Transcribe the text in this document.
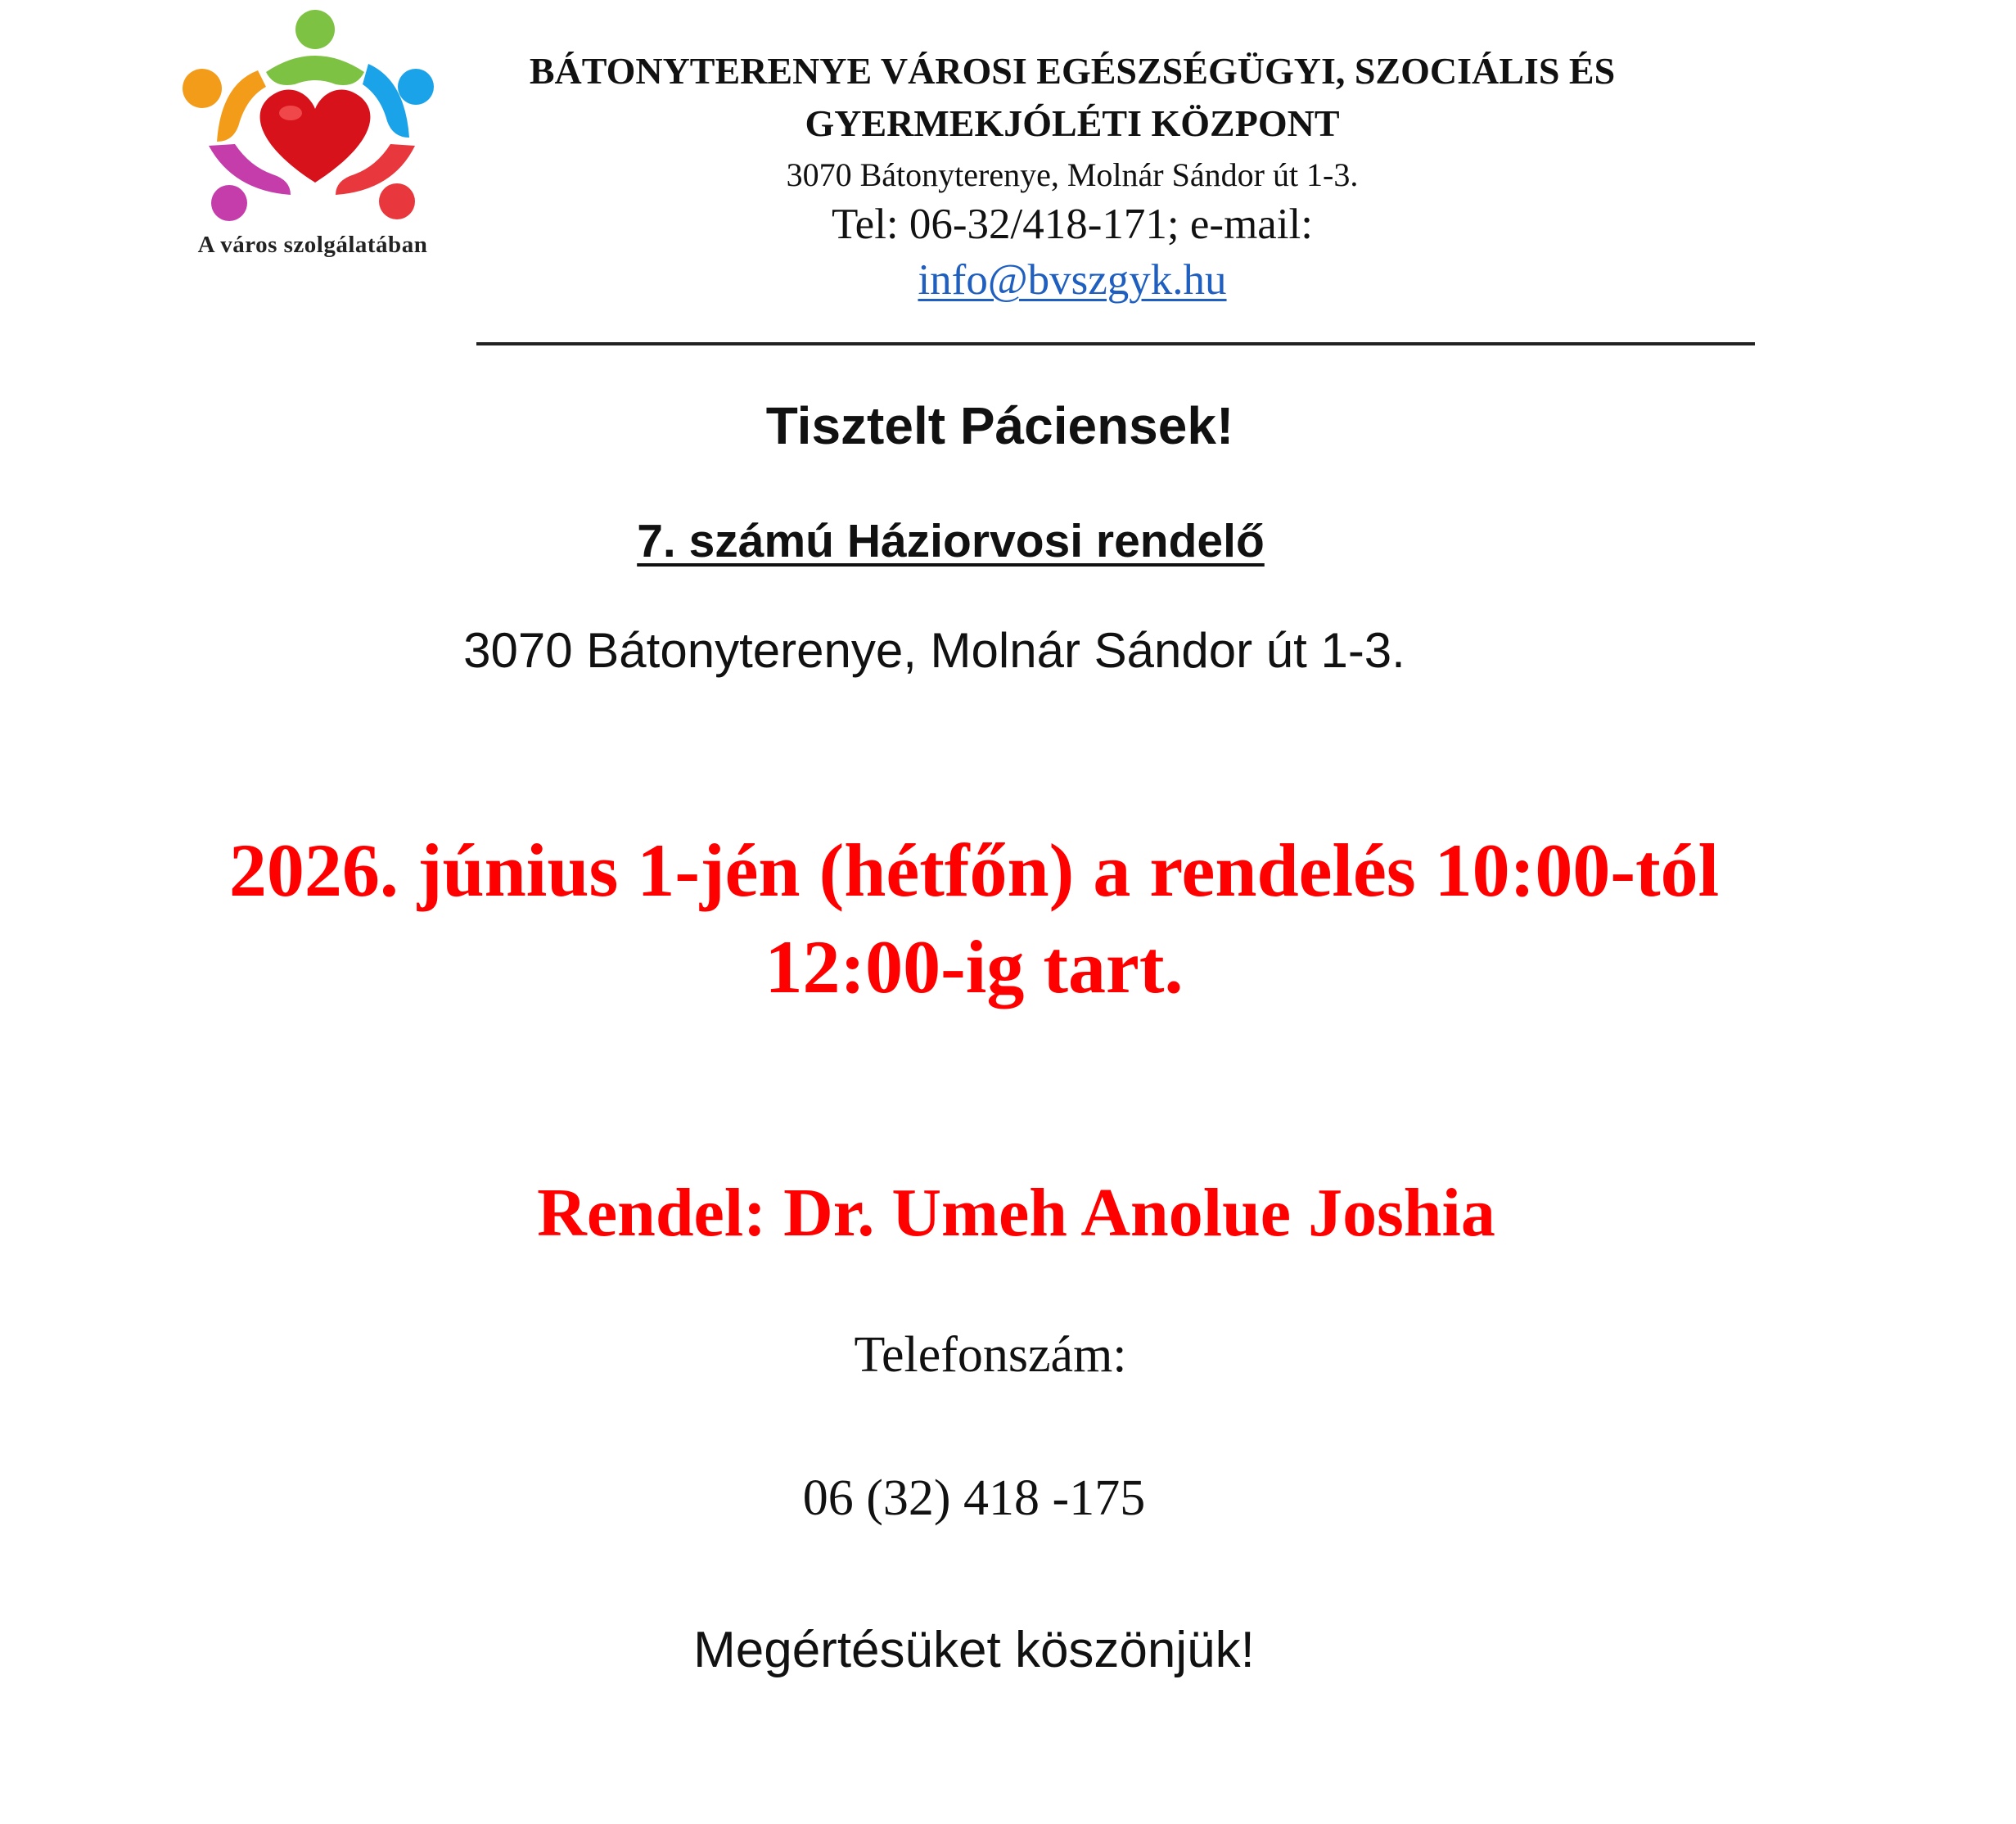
A város szolgálatában
BÁTONYTERENYE VÁROSI EGÉSZSÉGÜGYI, SZOCIÁLIS ÉS
GYERMEKJÓLÉTI KÖZPONT
3070 Bátonyterenye, Molnár Sándor út 1-3.
Tel: 06-32/418-171; e-mail:
info@bvszgyk.hu
Tisztelt Páciensek!
7. számú Háziorvosi rendelő
3070 Bátonyterenye, Molnár Sándor út 1-3.
2026. június 1-jén (hétfőn) a rendelés 10:00-tól
12:00-ig tart.
Rendel: Dr. Umeh Anolue Joshia
Telefonszám:
06 (32) 418 -175
Megértésüket köszönjük!
